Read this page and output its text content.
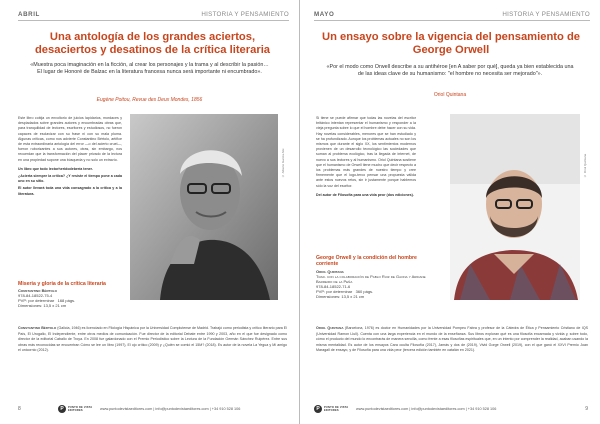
ABRIL	HISTORIA Y PENSAMIENTO
Una antología de los grandes aciertos, desaciertos y desatinos de la crítica literaria
«Muestra poca imaginación en la ficción, al crear los personajes y la trama y al describir la pasión… El lugar de Honoré de Balzac en la literatura francesa nunca será importante ni encumbrado».
Eugène Poitou, Revue des Deux Mondes, 1856

Este libro cobija un envoltorio de juicios lapidarios, mordaces y despiadados sobre grandes autores y encumbradas obras que, para tranquilidad de lectores, escritores y estudiosos, no fueron capaces de esclavizar con su frase ni con su mala pluma. Algunas críticas, como nos advierte Constantino Bértolo, artífice de esta extraordinaria antología del error —o del acierto cruel—, fueron ruborizantes a sus autores, otras, sin embargo, nos recuerdan que la transformación del placer privado de la lectura en una propiedad supone una búsqueda y no solo un extravío.

Un libro que todo lectorheridodebería tener.

¿Acierta siempre la crítica? ¿Y resiste el tiempo pone a cada uno en su sitio.

El autor llevará toda una vida consagrado a la crítica y a la literatura.

© Alberto García Alix
Miseria y gloria de la crítica literaria
Constantino Bértolo
978-84-18522-75-4
PVP: por determinar 168 págs.
Dimensiones: 13,5 x 21 cm
Constantino Bértolo (Galicia, 1946) es licenciado en Filología Hispánica por la Universidad Complutense de Madrid. Trabajó como periodista y crítico literario para El País, El Urogallo, El Independiente, entre otros medios de comunicación. Fue director de la editorial Debate entre 1990 y 2003, año en el que fue designado como director de la editorial Caballo de Troya. En 2008 fue galardonado con el Premio Periodístico sobre la Lectura de la Fundación Germán Sánchez Ruipérez. Entre sus obras más reconocidas se encuentran Cómo se lee un libro (1997), El ojo crítico (2009) y ¿Quién se comió el 15M? (2018). Es autor de la novela La Yegua y Mi amigo el unicornio (2012).
8	P	PUNTO DE VISTA EDITORES	www.puntodevistaeditores.com | info@puntodevistaeditores.com | +34 910 528 106
MAYO	HISTORIA Y PENSAMIENTO
Un ensayo sobre la vigencia del pensamiento de George Orwell
«Por el modo como Orwell describe a su antihéroe [en A saber por qué], queda ya bien establecida una de las ideas clave de su humanismo: "el hombre no necesita ser mejorado"».
Oriol Quintana

Si tiene se puede afirmar que todas las novelas del escritor británico intentan representar el humanismo y responder a la vieja pregunta sobre lo que el hombre debe hacer con su vida. Hay novelas considerables, menores que se han estudiado y se ha profundizado. Aunque los problemas actuales no son los mismos que durante el siglo XX, los sentimientos modernos provienen de un desarrollo tecnológico las sociedades que suman al problema ecológico, tras la llegada de internet, de nuevo a sus lectores y al humanismo. Oriol Quintana sostiene que el humanismo de Orwell tiene mucho que decir respecto a los problemas más grandes de nuestro tiempo y cree firmemente que el logo-terco pensar una propuesta válida ante estos nuevos retos, sin ir justamente porque hablemos sólo la voz del escritor.

Del autor de Filosofía para una vida peor (dos ediciones).

© Oriol Quintana
George Orwell y la condición del hombre corriente
Oriol Quintana
Trad. con la colaboración de Pablo Ruiz de Gaona y Aridane Barreiro de la Peña
978-84-18522-71-6
PVP: por determinar 360 págs.
Dimensiones: 13,5 x 21 cm
Oriol Quintana (Barcelona, 1976) es doctor en Humanidades por la Universidad Pompeu Fabra y profesor de la Cátedra de Ética y Pensamiento Cristiano de IQS (Universidad Ramon Llull). Cuenta con una larga experiencia en el mundo de la enseñanza. Sus libros exploran qué es una filosofía encarnada y vivida y, sobre todo, cómo el producto del mundo lo encontrarás de manera sencilla, como frente a esas filosofías espirituales que, en un intento por comprender la realidad, acaban usando la misma mentalidad. Es autor de los ensayos Cara oculta Filosofía (2017), Jamás y dos de (2019), Vivid Gorge Orwell (2019), con el que ganó el XXVI Premio Joan Maragall de ensayo, y de Filosofía para una vida peor (tercera edición también en catalán en 2021).
P	PUNTO DE VISTA EDITORES	www.puntodevistaeditores.com | info@puntodevistaeditores.com | +34 910 528 106	9
